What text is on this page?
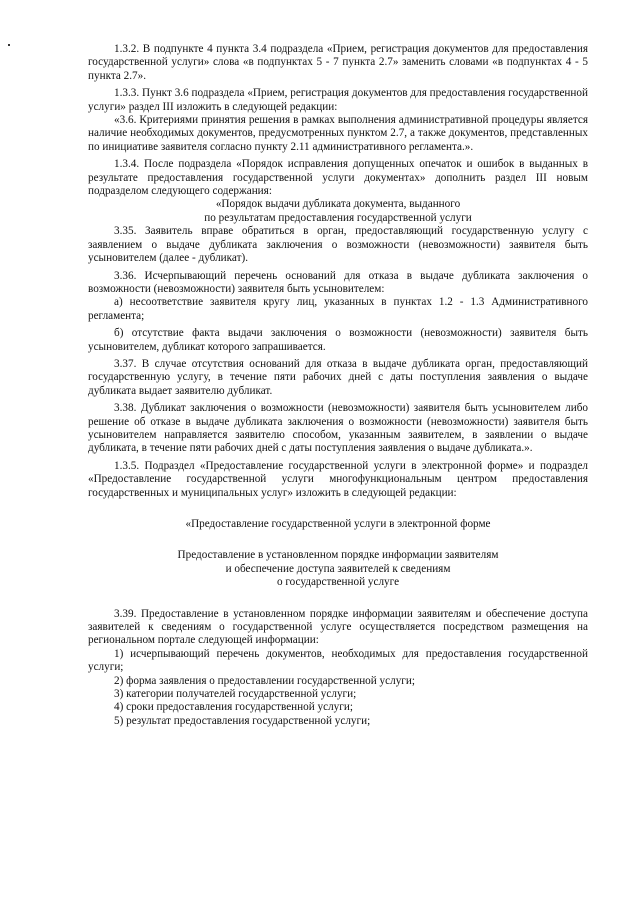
1.3.2. В подпункте 4 пункта 3.4 подраздела «Прием, регистрация документов для предоставления государственной услуги» слова «в подпунктах 5 - 7 пункта 2.7» заменить словами «в подпунктах 4 - 5 пункта 2.7».

1.3.3. Пункт 3.6 подраздела «Прием, регистрация документов для предоставления государственной услуги» раздел III изложить в следующей редакции:

«3.6. Критериями принятия решения в рамках выполнения административной процедуры является наличие необходимых документов, предусмотренных пунктом 2.7, а также документов, представленных по инициативе заявителя согласно пункту 2.11 административного регламента.».

1.3.4. После подраздела «Порядок исправления допущенных опечаток и ошибок в выданных в результате предоставления государственной услуги документах» дополнить раздел III новым подразделом следующего содержания:

«Порядок выдачи дубликата документа, выданного

по результатам предоставления государственной услуги

3.35. Заявитель вправе обратиться в орган, предоставляющий государственную услугу с заявлением о выдаче дубликата заключения о возможности (невозможности) заявителя быть усыновителем (далее - дубликат).

3.36. Исчерпывающий перечень оснований для отказа в выдаче дубликата заключения о возможности (невозможности) заявителя быть усыновителем:

а) несоответствие заявителя кругу лиц, указанных в пунктах 1.2 - 1.3 Административного регламента;

б) отсутствие факта выдачи заключения о возможности (невозможности) заявителя быть усыновителем, дубликат которого запрашивается.

3.37. В случае отсутствия оснований для отказа в выдаче дубликата орган, предоставляющий государственную услугу, в течение пяти рабочих дней с даты поступления заявления о выдаче дубликата выдает заявителю дубликат.

3.38. Дубликат заключения о возможности (невозможности) заявителя быть усыновителем либо решение об отказе в выдаче дубликата заключения о возможности (невозможности) заявителя быть усыновителем направляется заявителю способом, указанным заявителем, в заявлении о выдаче дубликата, в течение пяти рабочих дней с даты поступления заявления о выдаче дубликата.».

1.3.5. Подраздел «Предоставление государственной услуги в электронной форме» и подраздел «Предоставление государственной услуги многофункциональным центром предоставления государственных и муниципальных услуг» изложить в следующей редакции:

«Предоставление государственной услуги в электронной форме

Предоставление в установленном порядке информации заявителям

и обеспечение доступа заявителей к сведениям

о государственной услуге

3.39. Предоставление в установленном порядке информации заявителям и обеспечение доступа заявителей к сведениям о государственной услуге осуществляется посредством размещения на региональном портале следующей информации:

1) исчерпывающий перечень документов, необходимых для предоставления государственной услуги;

2) форма заявления о предоставлении государственной услуги;

3) категории получателей государственной услуги;

4) сроки предоставления государственной услуги;

5) результат предоставления государственной услуги;
